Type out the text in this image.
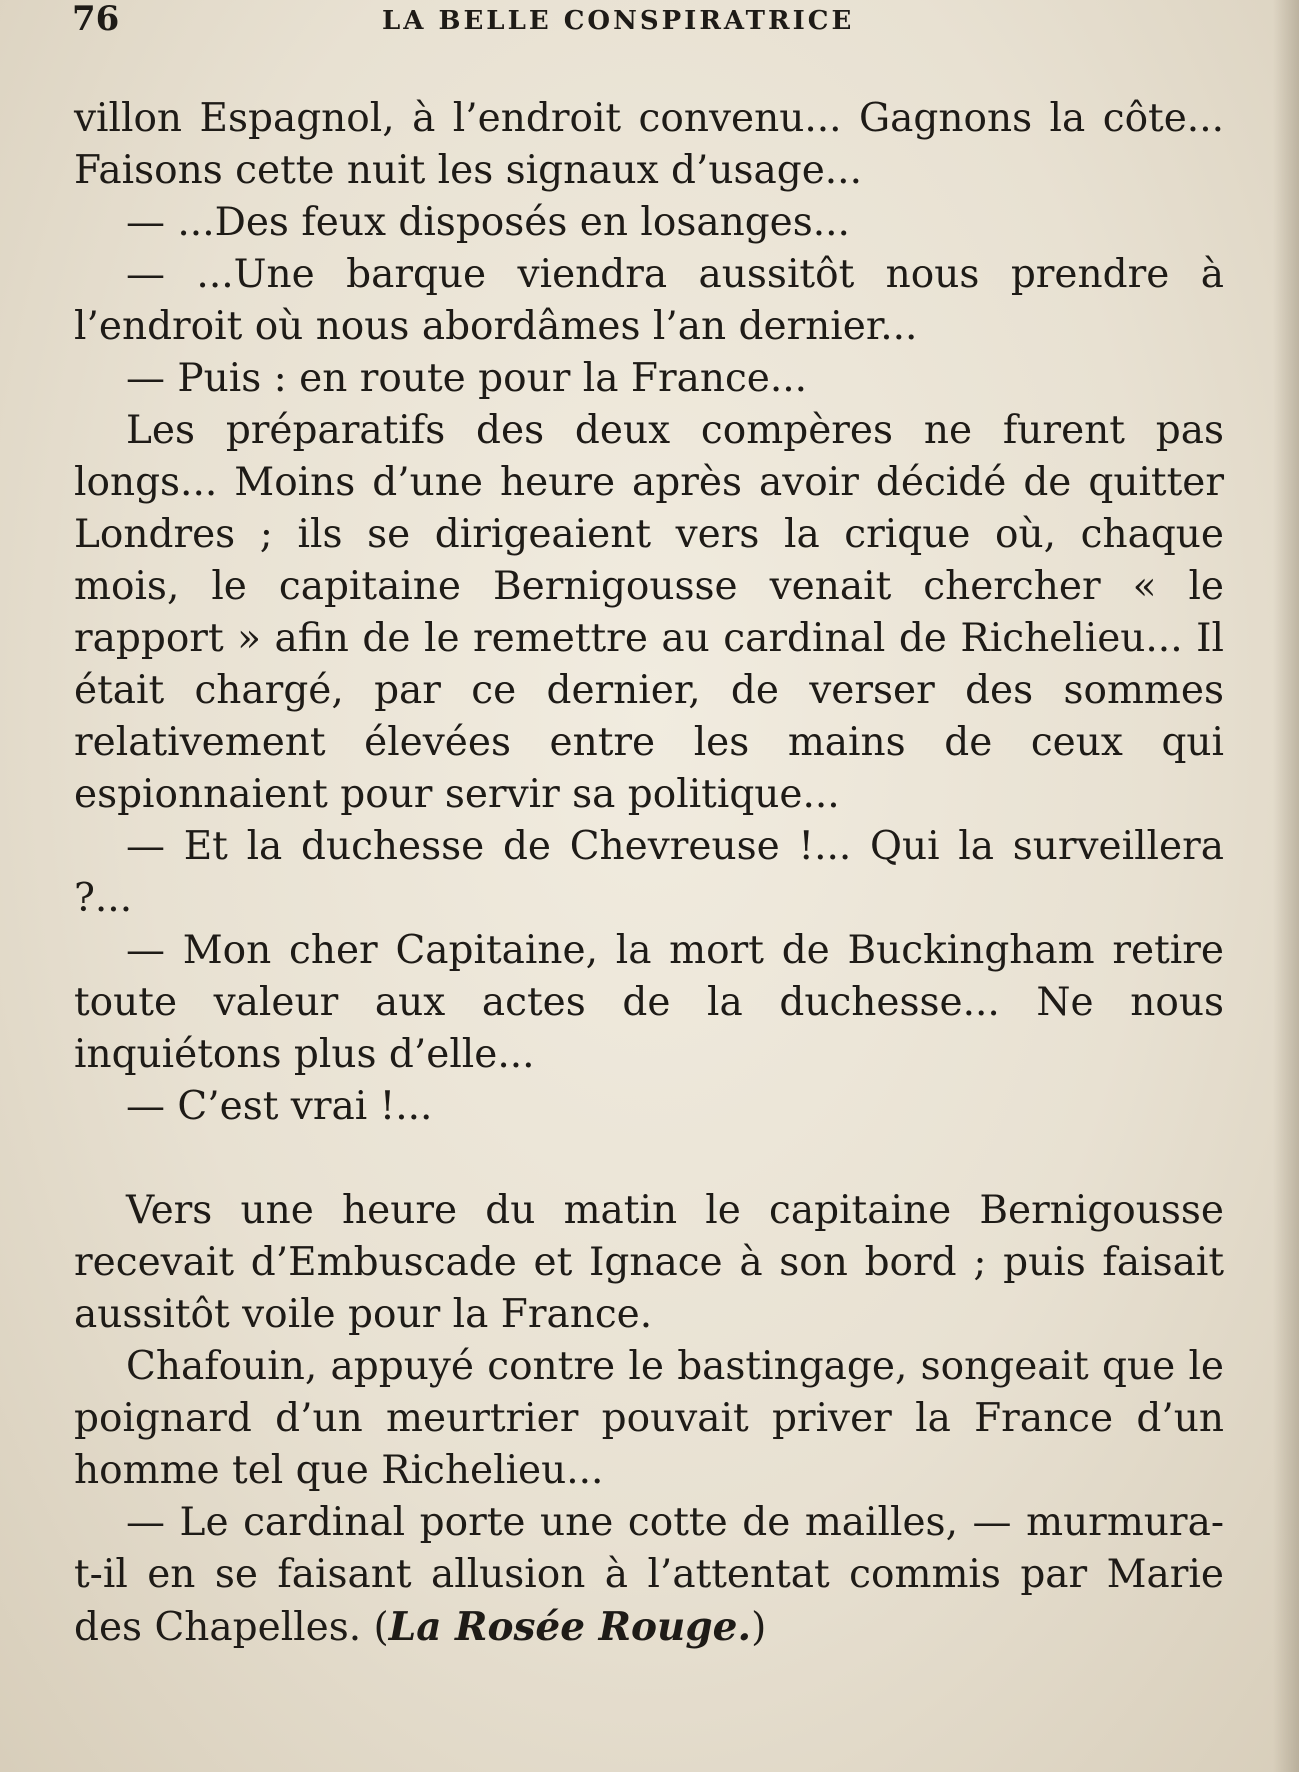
76	LA BELLE CONSPIRATRICE

villon Espagnol, à l’endroit convenu... Gagnons la côte... Faisons cette nuit les signaux d’usage...

— ...Des feux disposés en losanges...

— ...Une barque viendra aussitôt nous prendre à l’endroit où nous abordâmes l’an dernier...

— Puis : en route pour la France...

Les préparatifs des deux compères ne furent pas longs... Moins d’une heure après avoir décidé de quitter Londres ; ils se dirigeaient vers la crique où, chaque mois, le capitaine Bernigousse venait chercher « le rapport » afin de le remettre au cardinal de Richelieu... Il était chargé, par ce dernier, de verser des sommes relativement élevées entre les mains de ceux qui espionnaient pour servir sa politique...

— Et la duchesse de Chevreuse !... Qui la surveillera ?...

— Mon cher Capitaine, la mort de Buckingham retire toute valeur aux actes de la duchesse... Ne nous inquiétons plus d’elle...

— C’est vrai !...

Vers une heure du matin le capitaine Bernigousse recevait d’Embuscade et Ignace à son bord ; puis faisait aussitôt voile pour la France.

Chafouin, appuyé contre le bastingage, songeait que le poignard d’un meurtrier pouvait priver la France d’un homme tel que Richelieu...

— Le cardinal porte une cotte de mailles, — murmura-t-il en se faisant allusion à l’attentat commis par Marie des Chapelles. (La Rosée Rouge.)
